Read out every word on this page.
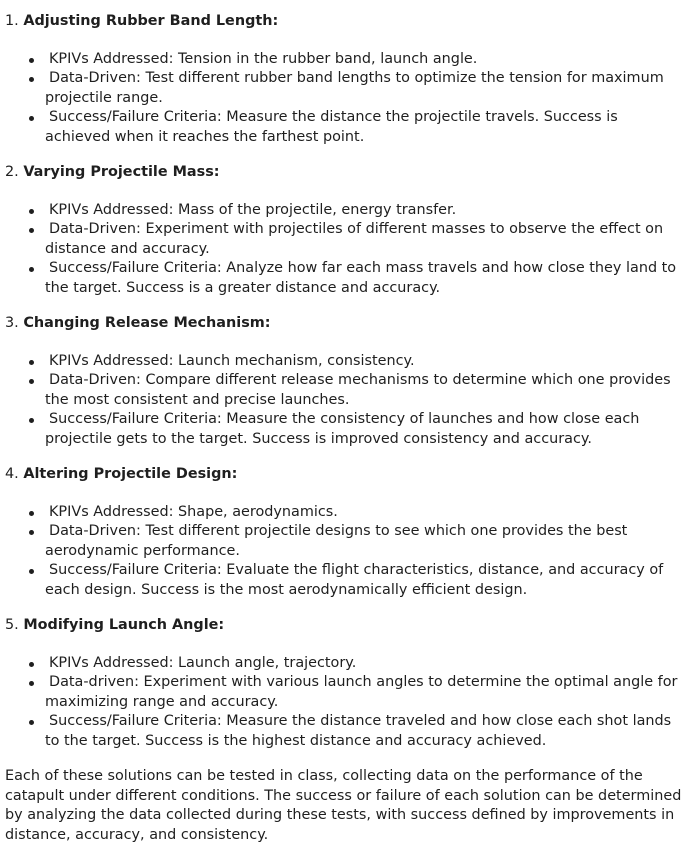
1. Adjusting Rubber Band Length:

KPIVs Addressed: Tension in the rubber band, launch angle.
Data-Driven: Test different rubber band lengths to optimize the tension for maximum projectile range.
Success/Failure Criteria: Measure the distance the projectile travels. Success is achieved when it reaches the farthest point.

2. Varying Projectile Mass:

KPIVs Addressed: Mass of the projectile, energy transfer.
Data-Driven: Experiment with projectiles of different masses to observe the effect on distance and accuracy.
Success/Failure Criteria: Analyze how far each mass travels and how close they land to the target. Success is a greater distance and accuracy.

3. Changing Release Mechanism:

KPIVs Addressed: Launch mechanism, consistency.
Data-Driven: Compare different release mechanisms to determine which one provides the most consistent and precise launches.
Success/Failure Criteria: Measure the consistency of launches and how close each projectile gets to the target. Success is improved consistency and accuracy.

4. Altering Projectile Design:

KPIVs Addressed: Shape, aerodynamics.
Data-Driven: Test different projectile designs to see which one provides the best aerodynamic performance.
Success/Failure Criteria: Evaluate the flight characteristics, distance, and accuracy of each design. Success is the most aerodynamically efficient design.

5. Modifying Launch Angle:

KPIVs Addressed: Launch angle, trajectory.
Data-driven: Experiment with various launch angles to determine the optimal angle for maximizing range and accuracy.
Success/Failure Criteria: Measure the distance traveled and how close each shot lands to the target. Success is the highest distance and accuracy achieved.

Each of these solutions can be tested in class, collecting data on the performance of the catapult under different conditions. The success or failure of each solution can be determined by analyzing the data collected during these tests, with success defined by improvements in distance, accuracy, and consistency.
